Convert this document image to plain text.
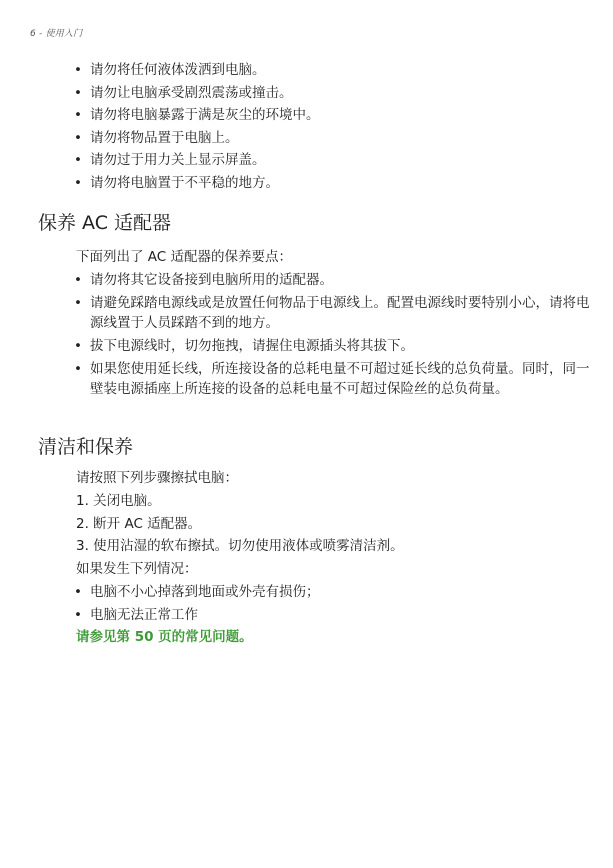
6 - 使用入门
• 请勿将任何液体泼洒到电脑。
• 请勿让电脑承受剧烈震荡或撞击。
• 请勿将电脑暴露于满是灰尘的环境中。
• 请勿将物品置于电脑上。
• 请勿过于用力关上显示屏盖。
• 请勿将电脑置于不平稳的地方。
保养 AC 适配器

下面列出了 AC 适配器的保养要点：

• 请勿将其它设备接到电脑所用的适配器。
• 请避免踩踏电源线或是放置任何物品于电源线上。配置电源线时要特别小心，请将电源线置于人员踩踏不到的地方。
• 拔下电源线时，切勿拖拽，请握住电源插头将其拔下。
• 如果您使用延长线，所连接设备的总耗电量不可超过延长线的总负荷量。同时，同一壁装电源插座上所连接的设备的总耗电量不可超过保险丝的总负荷量。
清洁和保养

请按照下列步骤擦拭电脑：

1. 关闭电脑。
2. 断开 AC 适配器。
3. 使用沾湿的软布擦拭。切勿使用液体或喷雾清洁剂。

如果发生下列情况：

• 电脑不小心掉落到地面或外壳有损伤；
• 电脑无法正常工作

请参见第 50 页的常见问题。
